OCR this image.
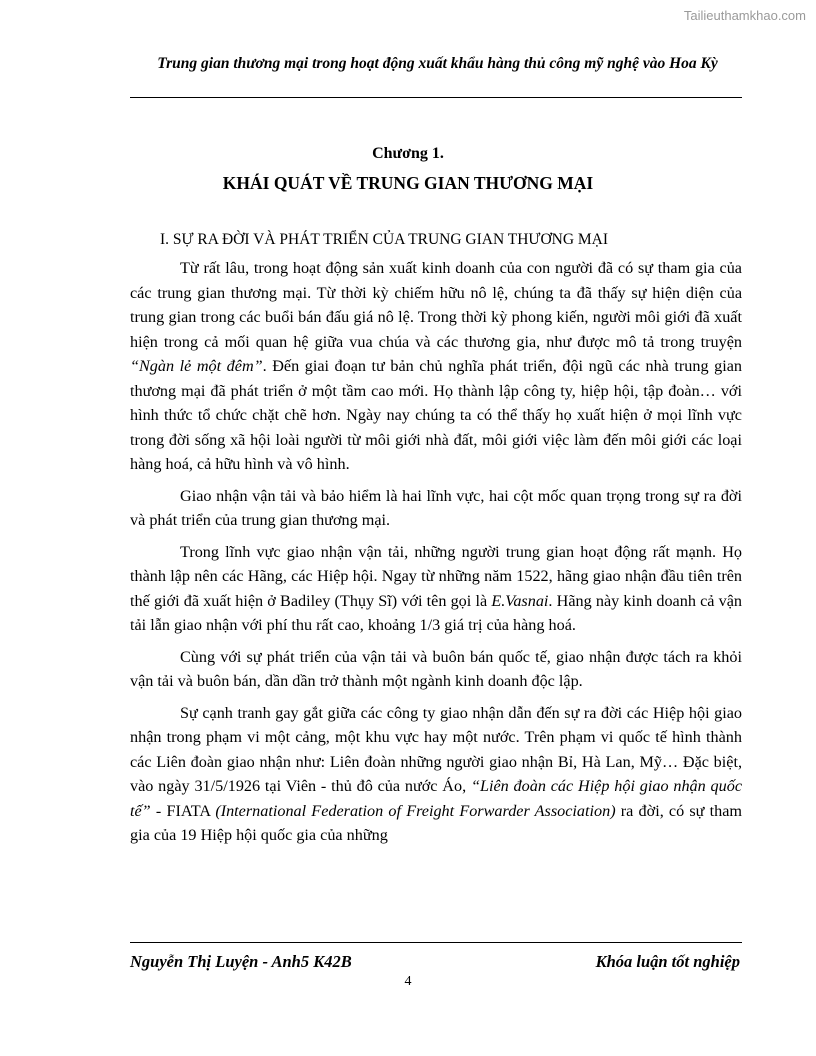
Tailieuthamkhao.com
Trung gian thương mại trong hoạt động xuất khẩu hàng thủ công mỹ nghệ vào Hoa Kỳ
Chương 1.
KHÁI QUÁT VỀ TRUNG GIAN THƯƠNG MẠI
I. SỰ RA ĐỜI VÀ PHÁT TRIỂN CỦA TRUNG GIAN THƯƠNG MẠI

Từ rất lâu, trong hoạt động sản xuất kinh doanh của con người đã có sự tham gia của các trung gian thương mại. Từ thời kỳ chiếm hữu nô lệ, chúng ta đã thấy sự hiện diện của trung gian trong các buổi bán đấu giá nô lệ. Trong thời kỳ phong kiến, người môi giới đã xuất hiện trong cả mối quan hệ giữa vua chúa và các thương gia, như được mô tả trong truyện “Ngàn lẻ một đêm”. Đến giai đoạn tư bản chủ nghĩa phát triển, đội ngũ các nhà trung gian thương mại đã phát triển ở một tầm cao mới. Họ thành lập công ty, hiệp hội, tập đoàn… với hình thức tổ chức chặt chẽ hơn. Ngày nay chúng ta có thể thấy họ xuất hiện ở mọi lĩnh vực trong đời sống xã hội loài người từ môi giới nhà đất, môi giới việc làm đến môi giới các loại hàng hoá, cả hữu hình và vô hình.

Giao nhận vận tải và bảo hiểm là hai lĩnh vực, hai cột mốc quan trọng trong sự ra đời và phát triển của trung gian thương mại.

Trong lĩnh vực giao nhận vận tải, những người trung gian hoạt động rất mạnh. Họ thành lập nên các Hãng, các Hiệp hội. Ngay từ những năm 1522, hãng giao nhận đầu tiên trên thế giới đã xuất hiện ở Badiley (Thụy Sĩ) với tên gọi là E.Vasnai. Hãng này kinh doanh cả vận tải lẫn giao nhận với phí thu rất cao, khoảng 1/3 giá trị của hàng hoá.

Cùng với sự phát triển của vận tải và buôn bán quốc tế, giao nhận được tách ra khỏi vận tải và buôn bán, dần dần trở thành một ngành kinh doanh độc lập.

Sự cạnh tranh gay gắt giữa các công ty giao nhận dẫn đến sự ra đời các Hiệp hội giao nhận trong phạm vi một cảng, một khu vực hay một nước. Trên phạm vi quốc tế hình thành các Liên đoàn giao nhận như: Liên đoàn những người giao nhận Bỉ, Hà Lan, Mỹ… Đặc biệt, vào ngày 31/5/1926 tại Viên - thủ đô của nước Áo, “Liên đoàn các Hiệp hội giao nhận quốc tế” - FIATA (International Federation of Freight Forwarder Association) ra đời, có sự tham gia của 19 Hiệp hội quốc gia của những

Nguyễn Thị Luyện - Anh5 K42B	Khóa luận tốt nghiệp
4
